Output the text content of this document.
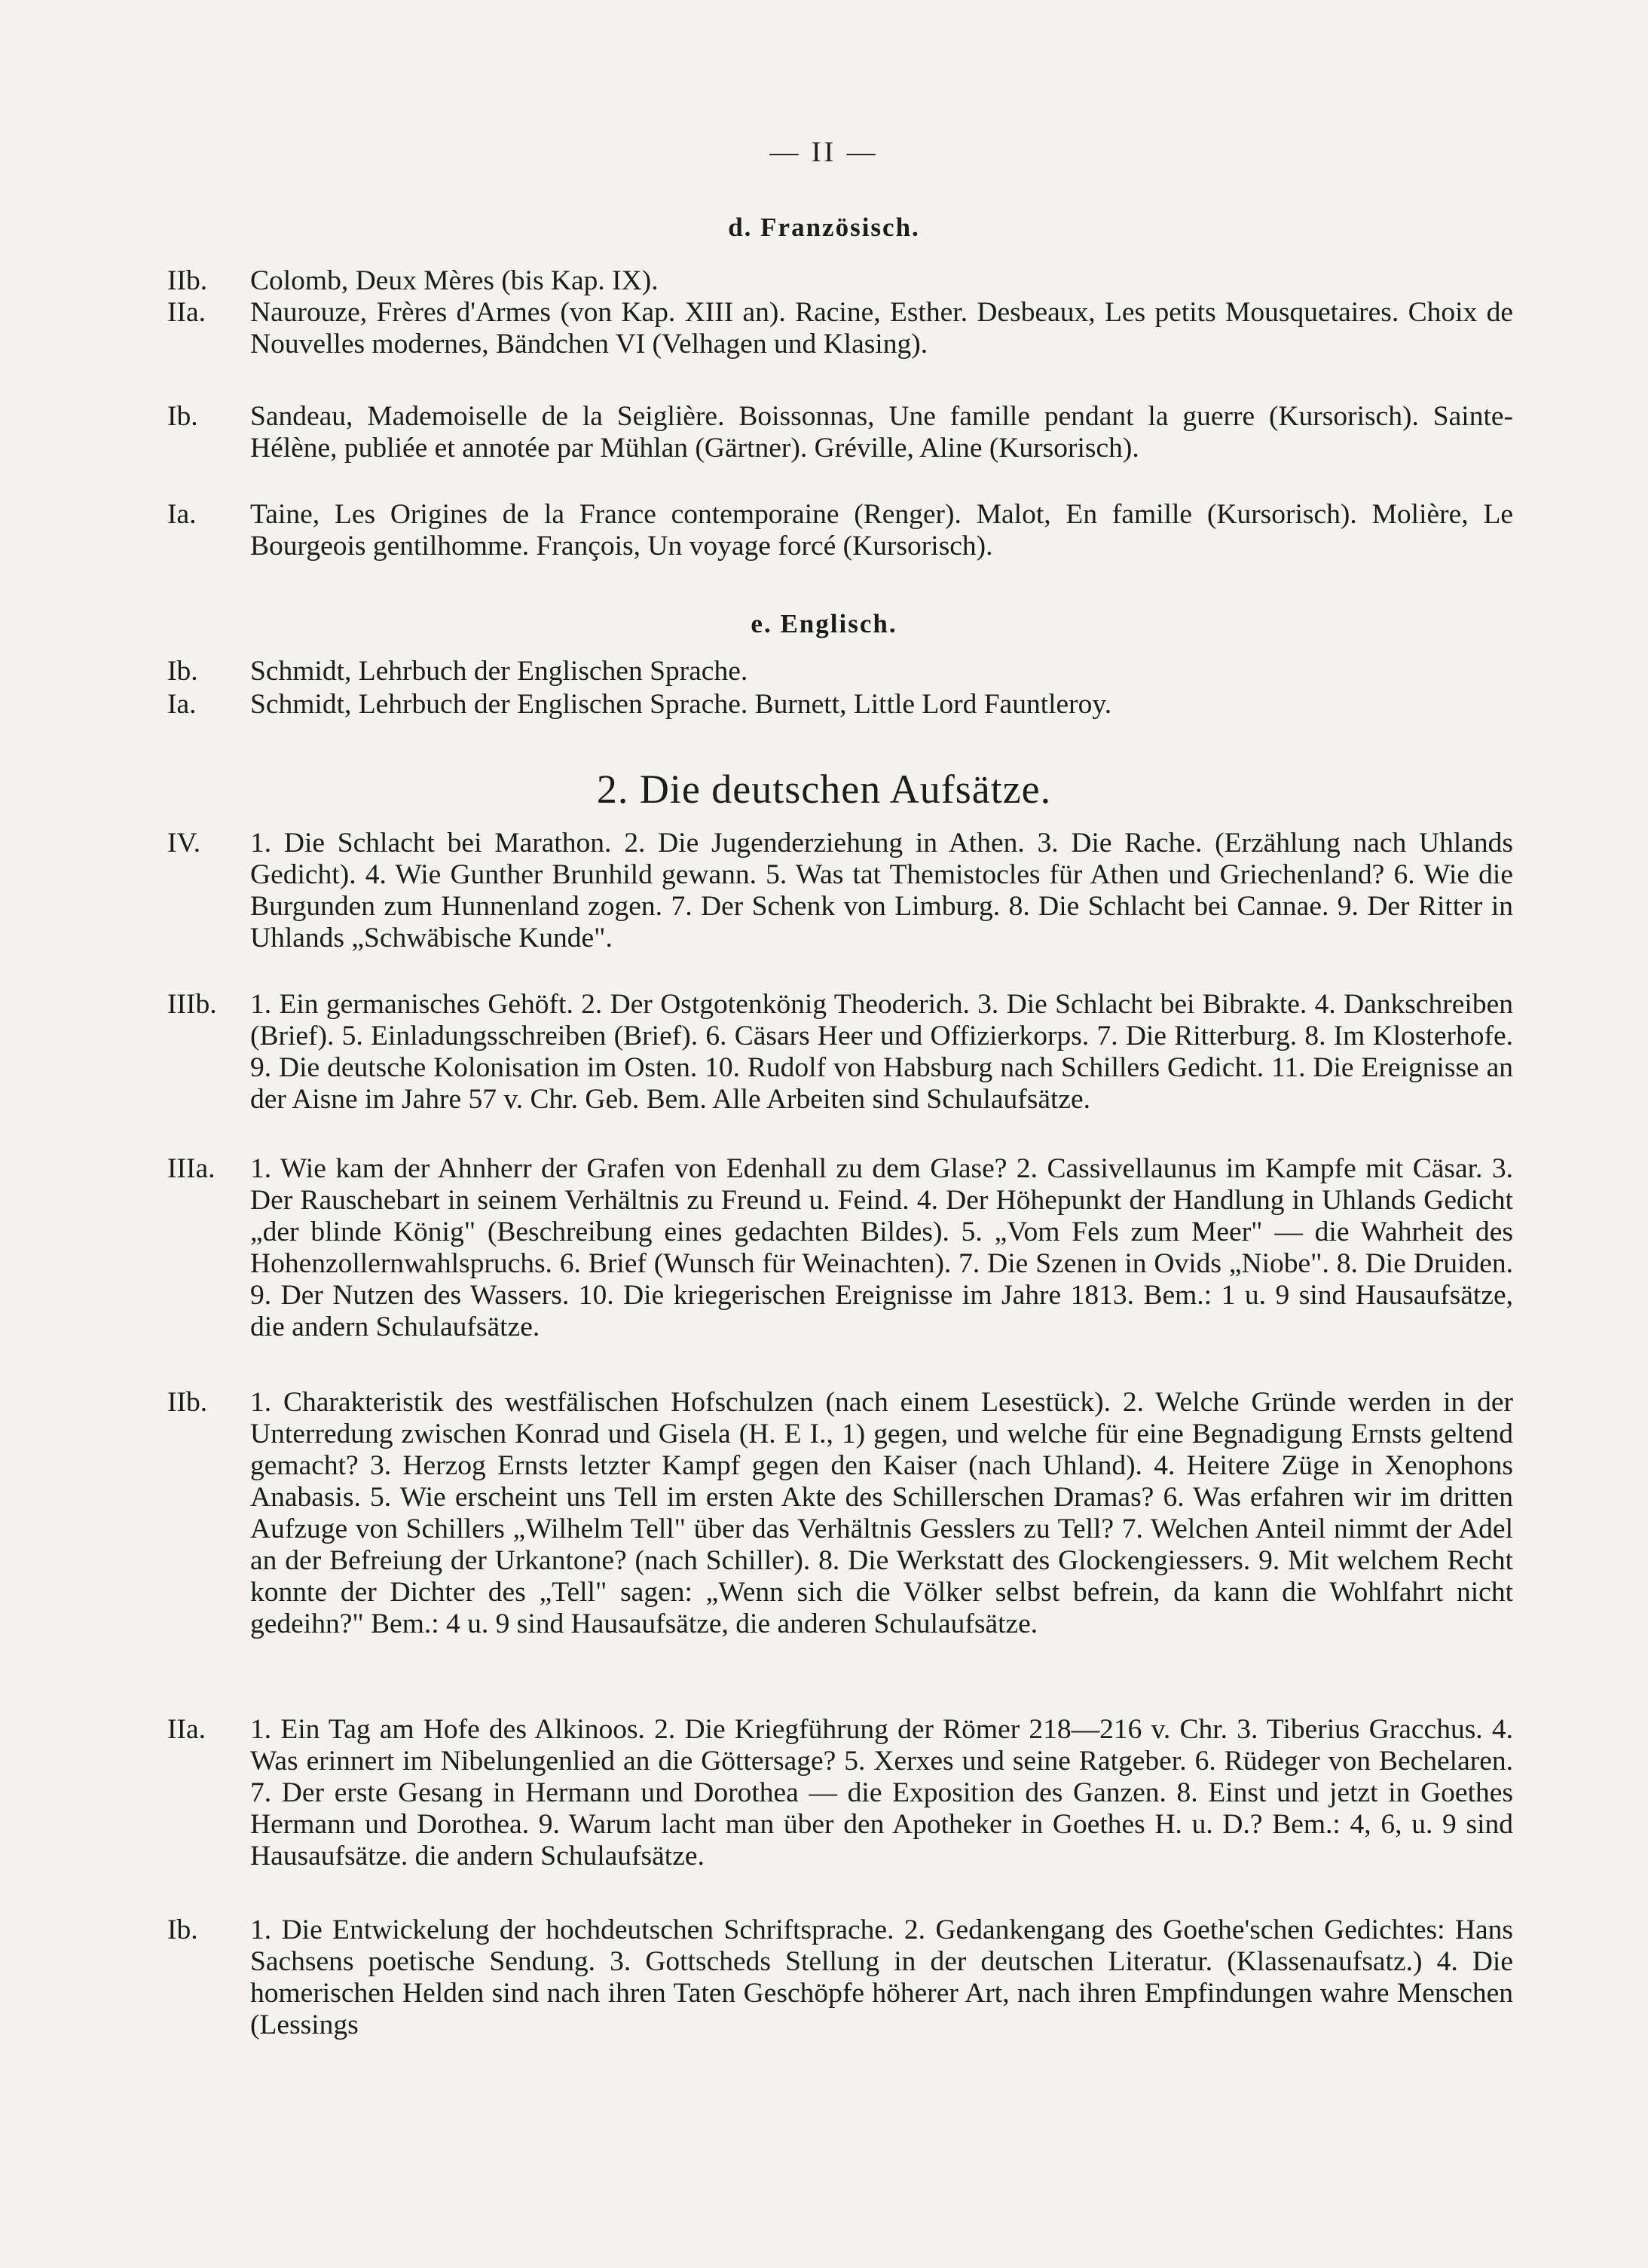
— II —
d. Französisch.
IIb.	Colomb, Deux Mères (bis Kap. IX).
IIa.	Naurouze, Frères d'Armes (von Kap. XIII an). Racine, Esther. Desbeaux, Les petits Mousquetaires. Choix de Nouvelles modernes, Bändchen VI (Velhagen und Klasing).
Ib.	Sandeau, Mademoiselle de la Seiglière. Boissonnas, Une famille pendant la guerre (Kursorisch). Sainte-Hélène, publiée et annotée par Mühlan (Gärtner). Gréville, Aline (Kursorisch).
Ia.	Taine, Les Origines de la France contemporaine (Renger). Malot, En famille (Kursorisch). Molière, Le Bourgeois gentilhomme. François, Un voyage forcé (Kursorisch).
e. Englisch.
Ib.	Schmidt, Lehrbuch der Englischen Sprache.
Ia.	Schmidt, Lehrbuch der Englischen Sprache. Burnett, Little Lord Fauntleroy.
2. Die deutschen Aufsätze.
IV.	1. Die Schlacht bei Marathon. 2. Die Jugenderziehung in Athen. 3. Die Rache. (Erzählung nach Uhlands Gedicht). 4. Wie Gunther Brunhild gewann. 5. Was tat Themistocles für Athen und Griechenland? 6. Wie die Burgunden zum Hunnenland zogen. 7. Der Schenk von Limburg. 8. Die Schlacht bei Cannae. 9. Der Ritter in Uhlands „Schwäbische Kunde".
IIIb.	1. Ein germanisches Gehöft. 2. Der Ostgotenkönig Theoderich. 3. Die Schlacht bei Bibrakte. 4. Dankschreiben (Brief). 5. Einladungsschreiben (Brief). 6. Cäsars Heer und Offizierkorps. 7. Die Ritterburg. 8. Im Klosterhofe. 9. Die deutsche Kolonisation im Osten. 10. Rudolf von Habsburg nach Schillers Gedicht. 11. Die Ereignisse an der Aisne im Jahre 57 v. Chr. Geb. Bem. Alle Arbeiten sind Schulaufsätze.
IIIa.	1. Wie kam der Ahnherr der Grafen von Edenhall zu dem Glase? 2. Cassivellaunus im Kampfe mit Cäsar. 3. Der Rauschebart in seinem Verhältnis zu Freund u. Feind. 4. Der Höhepunkt der Handlung in Uhlands Gedicht „der blinde König" (Beschreibung eines gedachten Bildes). 5. „Vom Fels zum Meer" — die Wahrheit des Hohenzollernwahlspruchs. 6. Brief (Wunsch für Weinachten). 7. Die Szenen in Ovids „Niobe". 8. Die Druiden. 9. Der Nutzen des Wassers. 10. Die kriegerischen Ereignisse im Jahre 1813. Bem.: 1 u. 9 sind Hausaufsätze, die andern Schulaufsätze.
IIb.	1. Charakteristik des westfälischen Hofschulzen (nach einem Lesestück). 2. Welche Gründe werden in der Unterredung zwischen Konrad und Gisela (H. E I., 1) gegen, und welche für eine Begnadigung Ernsts geltend gemacht? 3. Herzog Ernsts letzter Kampf gegen den Kaiser (nach Uhland). 4. Heitere Züge in Xenophons Anabasis. 5. Wie erscheint uns Tell im ersten Akte des Schillerschen Dramas? 6. Was erfahren wir im dritten Aufzuge von Schillers „Wilhelm Tell" über das Verhältnis Gesslers zu Tell? 7. Welchen Anteil nimmt der Adel an der Befreiung der Urkantone? (nach Schiller). 8. Die Werkstatt des Glockengiessers. 9. Mit welchem Recht konnte der Dichter des „Tell" sagen: „Wenn sich die Völker selbst befrein, da kann die Wohlfahrt nicht gedeihn?" Bem.: 4 u. 9 sind Hausaufsätze, die anderen Schulaufsätze.
IIa.	1. Ein Tag am Hofe des Alkinoos. 2. Die Kriegführung der Römer 218—216 v. Chr. 3. Tiberius Gracchus. 4. Was erinnert im Nibelungenlied an die Göttersage? 5. Xerxes und seine Ratgeber. 6. Rüdeger von Bechelaren. 7. Der erste Gesang in Hermann und Dorothea — die Exposition des Ganzen. 8. Einst und jetzt in Goethes Hermann und Dorothea. 9. Warum lacht man über den Apotheker in Goethes H. u. D.? Bem.: 4, 6, u. 9 sind Hausaufsätze. die andern Schulaufsätze.
Ib.	1. Die Entwickelung der hochdeutschen Schriftsprache. 2. Gedankengang des Goethe'schen Gedichtes: Hans Sachsens poetische Sendung. 3. Gottscheds Stellung in der deutschen Literatur. (Klassenaufsatz.) 4. Die homerischen Helden sind nach ihren Taten Geschöpfe höherer Art, nach ihren Empfindungen wahre Menschen (Lessings
